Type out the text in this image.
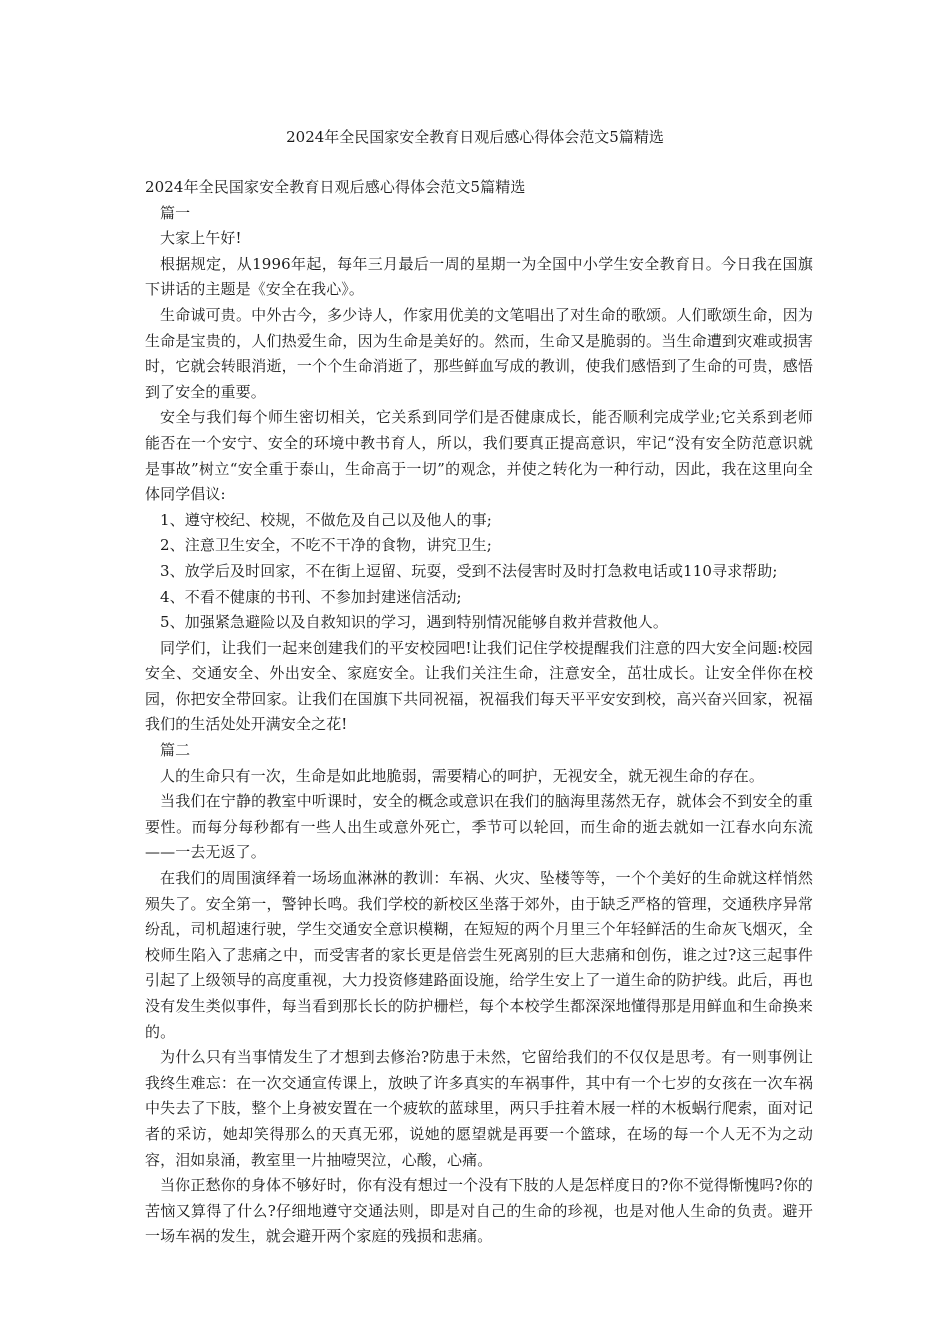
2024年全民国家安全教育日观后感心得体会范文5篇精选

2024年全民国家安全教育日观后感心得体会范文5篇精选

篇一

大家上午好!

根据规定，从1996年起，每年三月最后一周的星期一为全国中小学生安全教育日。今日我在国旗下讲话的主题是《安全在我心》。

生命诚可贵。中外古今，多少诗人，作家用优美的文笔唱出了对生命的歌颂。人们歌颂生命，因为生命是宝贵的，人们热爱生命，因为生命是美好的。然而，生命又是脆弱的。当生命遭到灾难或损害时，它就会转眼消逝，一个个生命消逝了，那些鲜血写成的教训，使我们感悟到了生命的可贵，感悟到了安全的重要。

安全与我们每个师生密切相关，它关系到同学们是否健康成长，能否顺利完成学业;它关系到老师能否在一个安宁、安全的环境中教书育人，所以，我们要真正提高意识，牢记“没有安全防范意识就是事故”树立“安全重于泰山，生命高于一切”的观念，并使之转化为一种行动，因此，我在这里向全体同学倡议:

1、遵守校纪、校规，不做危及自己以及他人的事;

2、注意卫生安全，不吃不干净的食物，讲究卫生;

3、放学后及时回家，不在街上逗留、玩耍，受到不法侵害时及时打急救电话或110寻求帮助;

4、不看不健康的书刊、不参加封建迷信活动;

5、加强紧急避险以及自救知识的学习，遇到特别情况能够自救并营救他人。

同学们，让我们一起来创建我们的平安校园吧!让我们记住学校提醒我们注意的四大安全问题:校园安全、交通安全、外出安全、家庭安全。让我们关注生命，注意安全，茁壮成长。让安全伴你在校园，你把安全带回家。让我们在国旗下共同祝福，祝福我们每天平平安安到校，高兴奋兴回家，祝福我们的生活处处开满安全之花!

篇二

人的生命只有一次，生命是如此地脆弱，需要精心的呵护，无视安全，就无视生命的存在。

当我们在宁静的教室中听课时，安全的概念或意识在我们的脑海里荡然无存，就体会不到安全的重要性。而每分每秒都有一些人出生或意外死亡，季节可以轮回，而生命的逝去就如一江春水向东流——一去无返了。

在我们的周围演绎着一场场血淋淋的教训：车祸、火灾、坠楼等等，一个个美好的生命就这样悄然殒失了。安全第一，警钟长鸣。我们学校的新校区坐落于郊外，由于缺乏严格的管理，交通秩序异常纷乱，司机超速行驶，学生交通安全意识模糊，在短短的两个月里三个年轻鲜活的生命灰飞烟灭，全校师生陷入了悲痛之中，而受害者的家长更是倍尝生死离别的巨大悲痛和创伤，谁之过?这三起事件引起了上级领导的高度重视，大力投资修建路面设施，给学生安上了一道生命的防护线。此后，再也没有发生类似事件，每当看到那长长的防护栅栏，每个本校学生都深深地懂得那是用鲜血和生命换来的。

为什么只有当事情发生了才想到去修治?防患于未然，它留给我们的不仅仅是思考。有一则事例让我终生难忘：在一次交通宣传课上，放映了许多真实的车祸事件，其中有一个七岁的女孩在一次车祸中失去了下肢，整个上身被安置在一个疲软的蓝球里，两只手拄着木屐一样的木板蜗行爬索，面对记者的采访，她却笑得那么的天真无邪，说她的愿望就是再要一个篮球，在场的每一个人无不为之动容，泪如泉涌，教室里一片抽噎哭泣，心酸，心痛。

当你正愁你的身体不够好时，你有没有想过一个没有下肢的人是怎样度日的?你不觉得惭愧吗?你的苦恼又算得了什么?仔细地遵守交通法则，即是对自己的生命的珍视，也是对他人生命的负责。避开一场车祸的发生，就会避开两个家庭的残损和悲痛。
